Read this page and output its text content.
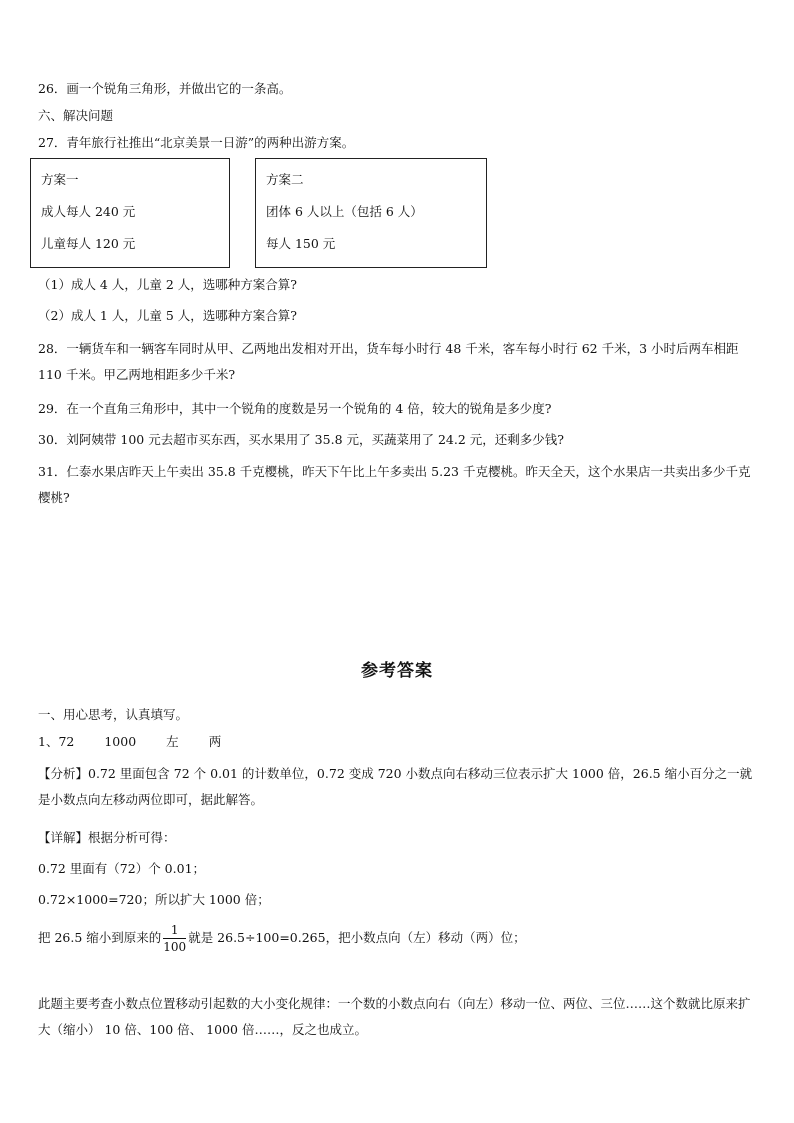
26．画一个锐角三角形，并做出它的一条高。
六、解决问题
27．青年旅行社推出“北京美景一日游”的两种出游方案。
方案一
成人每人 240 元
儿童每人 120 元
方案二
团体 6 人以上（包括 6 人）
每人 150 元
（1）成人 4 人，儿童 2 人，选哪种方案合算?
（2）成人 1 人，儿童 5 人，选哪种方案合算?
28．一辆货车和一辆客车同时从甲、乙两地出发相对开出，货车每小时行 48 千米，客车每小时行 62 千米，3 小时后两车相距 110 千米。甲乙两地相距多少千米?
29．在一个直角三角形中，其中一个锐角的度数是另一个锐角的 4 倍，较大的锐角是多少度?
30．刘阿姨带 100 元去超市买东西，买水果用了 35.8 元，买蔬菜用了 24.2 元，还剩多少钱?
31．仁泰水果店昨天上午卖出 35.8 千克樱桃，昨天下午比上午多卖出 5.23 千克樱桃。昨天全天，这个水果店一共卖出多少千克樱桃?
参考答案
一、用心思考，认真填写。
1、72 1000 左 两
【分析】0.72 里面包含 72 个 0.01 的计数单位，0.72 变成 720 小数点向右移动三位表示扩大 1000 倍，26.5 缩小百分之一就是小数点向左移动两位即可，据此解答。
【详解】根据分析可得：
0.72 里面有（72）个 0.01；
0.72×1000=720；所以扩大 1000 倍；
把 26.5 缩小到原来的 $\frac{1}{100}$ 就是 26.5÷100=0.265，把小数点向（左）移动（两）位；
此题主要考查小数点位置移动引起数的大小变化规律：一个数的小数点向右（向左）移动一位、两位、三位……这个数就比原来扩大（缩小） 10 倍、100 倍、 1000 倍……，反之也成立。
